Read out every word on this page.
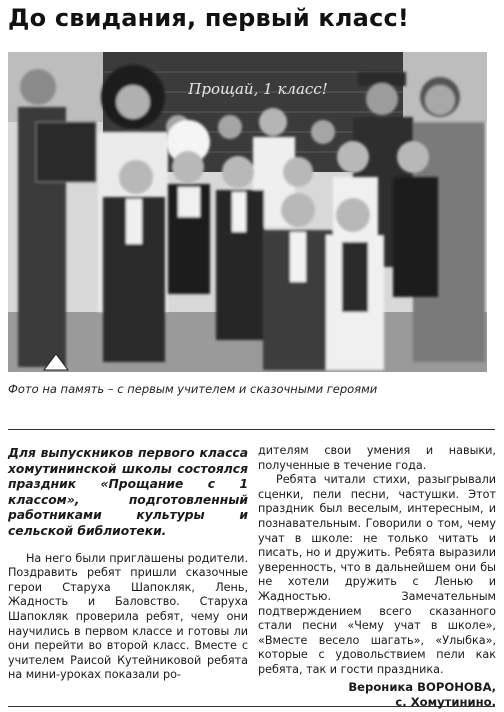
До свидания, первый класс!
Прощай, 1 класс!
Фото на память – с первым учителем и сказочными героями

Для выпускников первого класса хомутининской школы состоялся праздник «Прощание с 1 классом», подготовленный работниками культуры и сельской библиотеки.

На него были приглашены родители. Поздравить ребят пришли сказочные герои Старуха Шапокляк, Лень, Жадность и Баловство. Старуха Шапокляк проверила ребят, чему они научились в первом классе и готовы ли они перейти во второй класс. Вместе с учителем Раисой Кутейниковой ребята на мини-уроках показали ро-

дителям свои умения и навыки, полученные в течение года.

Ребята читали стихи, разыгрывали сценки, пели песни, частушки. Этот праздник был веселым, интересным, и познавательным. Говорили о том, чему учат в школе: не только читать и писать, но и дружить. Ребята выразили уверенность, что в дальнейшем они бы не хотели дружить с Ленью и Жадностью. Замечательным подтверждением всего сказанного стали песни «Чему учат в школе», «Вместе весело шагать», «Улыбка», которые с удовольствием пели как ребята, так и гости праздника.

Вероника ВОРОНОВА,
с. Хомутинино.
